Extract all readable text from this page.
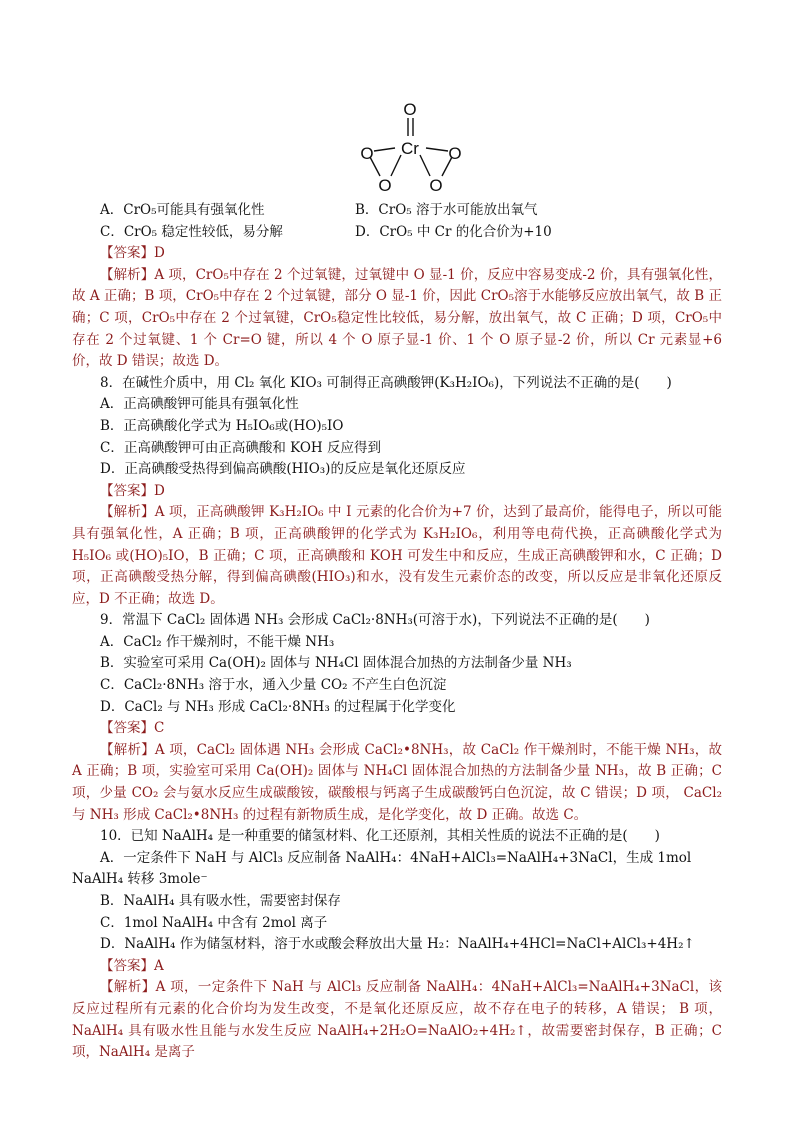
O
Cr
O	O
O O
A．CrO₅可能具有强氧化性	B．CrO₅ 溶于水可能放出氧气
C．CrO₅ 稳定性较低，易分解	D．CrO₅ 中 Cr 的化合价为+10

【答案】D

【解析】A 项，CrO₅中存在 2 个过氧键，过氧键中 O 显-1 价，反应中容易变成-2 价，具有强氧化性，故 A 正确；B 项，CrO₅中存在 2 个过氧键，部分 O 显-1 价，因此 CrO₅溶于水能够反应放出氧气，故 B 正确；C 项，CrO₅中存在 2 个过氧键，CrO₅稳定性比较低，易分解，放出氧气，故 C 正确；D 项，CrO₅中存在 2 个过氧键、1 个 Cr=O 键，所以 4 个 O 原子显-1 价、1 个 O 原子显-2 价，所以 Cr 元素显+6 价，故 D 错误；故选 D。

8．在碱性介质中，用 Cl₂ 氧化 KIO₃ 可制得正高碘酸钾(K₃H₂IO₆)，下列说法不正确的是(　　)

A．正高碘酸钾可能具有强氧化性

B．正高碘酸化学式为 H₅IO₆或(HO)₅IO

C．正高碘酸钾可由正高碘酸和 KOH 反应得到

D．正高碘酸受热得到偏高碘酸(HIO₃)的反应是氧化还原反应

【答案】D

【解析】A 项，正高碘酸钾 K₃H₂IO₆ 中 I 元素的化合价为+7 价，达到了最高价，能得电子，所以可能具有强氧化性，A 正确；B 项，正高碘酸钾的化学式为 K₃H₂IO₆，利用等电荷代换，正高碘酸化学式为 H₅IO₆ 或(HO)₅IO，B 正确；C 项，正高碘酸和 KOH 可发生中和反应，生成正高碘酸钾和水，C 正确；D 项，正高碘酸受热分解，得到偏高碘酸(HIO₃)和水，没有发生元素价态的改变，所以反应是非氧化还原反应，D 不正确；故选 D。

9．常温下 CaCl₂ 固体遇 NH₃ 会形成 CaCl₂·8NH₃(可溶于水)，下列说法不正确的是(　　)

A．CaCl₂ 作干燥剂时，不能干燥 NH₃

B．实验室可采用 Ca(OH)₂ 固体与 NH₄Cl 固体混合加热的方法制备少量 NH₃

C．CaCl₂·8NH₃ 溶于水，通入少量 CO₂ 不产生白色沉淀

D．CaCl₂ 与 NH₃ 形成 CaCl₂·8NH₃ 的过程属于化学变化

【答案】C

【解析】A 项，CaCl₂ 固体遇 NH₃ 会形成 CaCl₂•8NH₃，故 CaCl₂ 作干燥剂时，不能干燥 NH₃，故 A 正确；B 项，实验室可采用 Ca(OH)₂ 固体与 NH₄Cl 固体混合加热的方法制备少量 NH₃，故 B 正确；C 项，少量 CO₂ 会与氨水反应生成碳酸铵，碳酸根与钙离子生成碳酸钙白色沉淀，故 C 错误；D 项， CaCl₂ 与 NH₃ 形成 CaCl₂•8NH₃ 的过程有新物质生成，是化学变化，故 D 正确。故选 C。

10．已知 NaAlH₄ 是一种重要的储氢材料、化工还原剂，其相关性质的说法不正确的是(　　)

A．一定条件下 NaH 与 AlCl₃ 反应制备 NaAlH₄：4NaH+AlCl₃=NaAlH₄+3NaCl，生成 1mol NaAlH₄ 转移 3mole⁻

B．NaAlH₄ 具有吸水性，需要密封保存

C．1mol NaAlH₄ 中含有 2mol 离子

D．NaAlH₄ 作为储氢材料，溶于水或酸会释放出大量 H₂：NaAlH₄+4HCl=NaCl+AlCl₃+4H₂↑

【答案】A

【解析】A 项，一定条件下 NaH 与 AlCl₃ 反应制备 NaAlH₄：4NaH+AlCl₃=NaAlH₄+3NaCl，该反应过程所有元素的化合价均为发生改变，不是氧化还原反应，故不存在电子的转移，A 错误； B 项，NaAlH₄ 具有吸水性且能与水发生反应 NaAlH₄+2H₂O=NaAlO₂+4H₂↑，故需要密封保存，B 正确；C 项，NaAlH₄ 是离子
